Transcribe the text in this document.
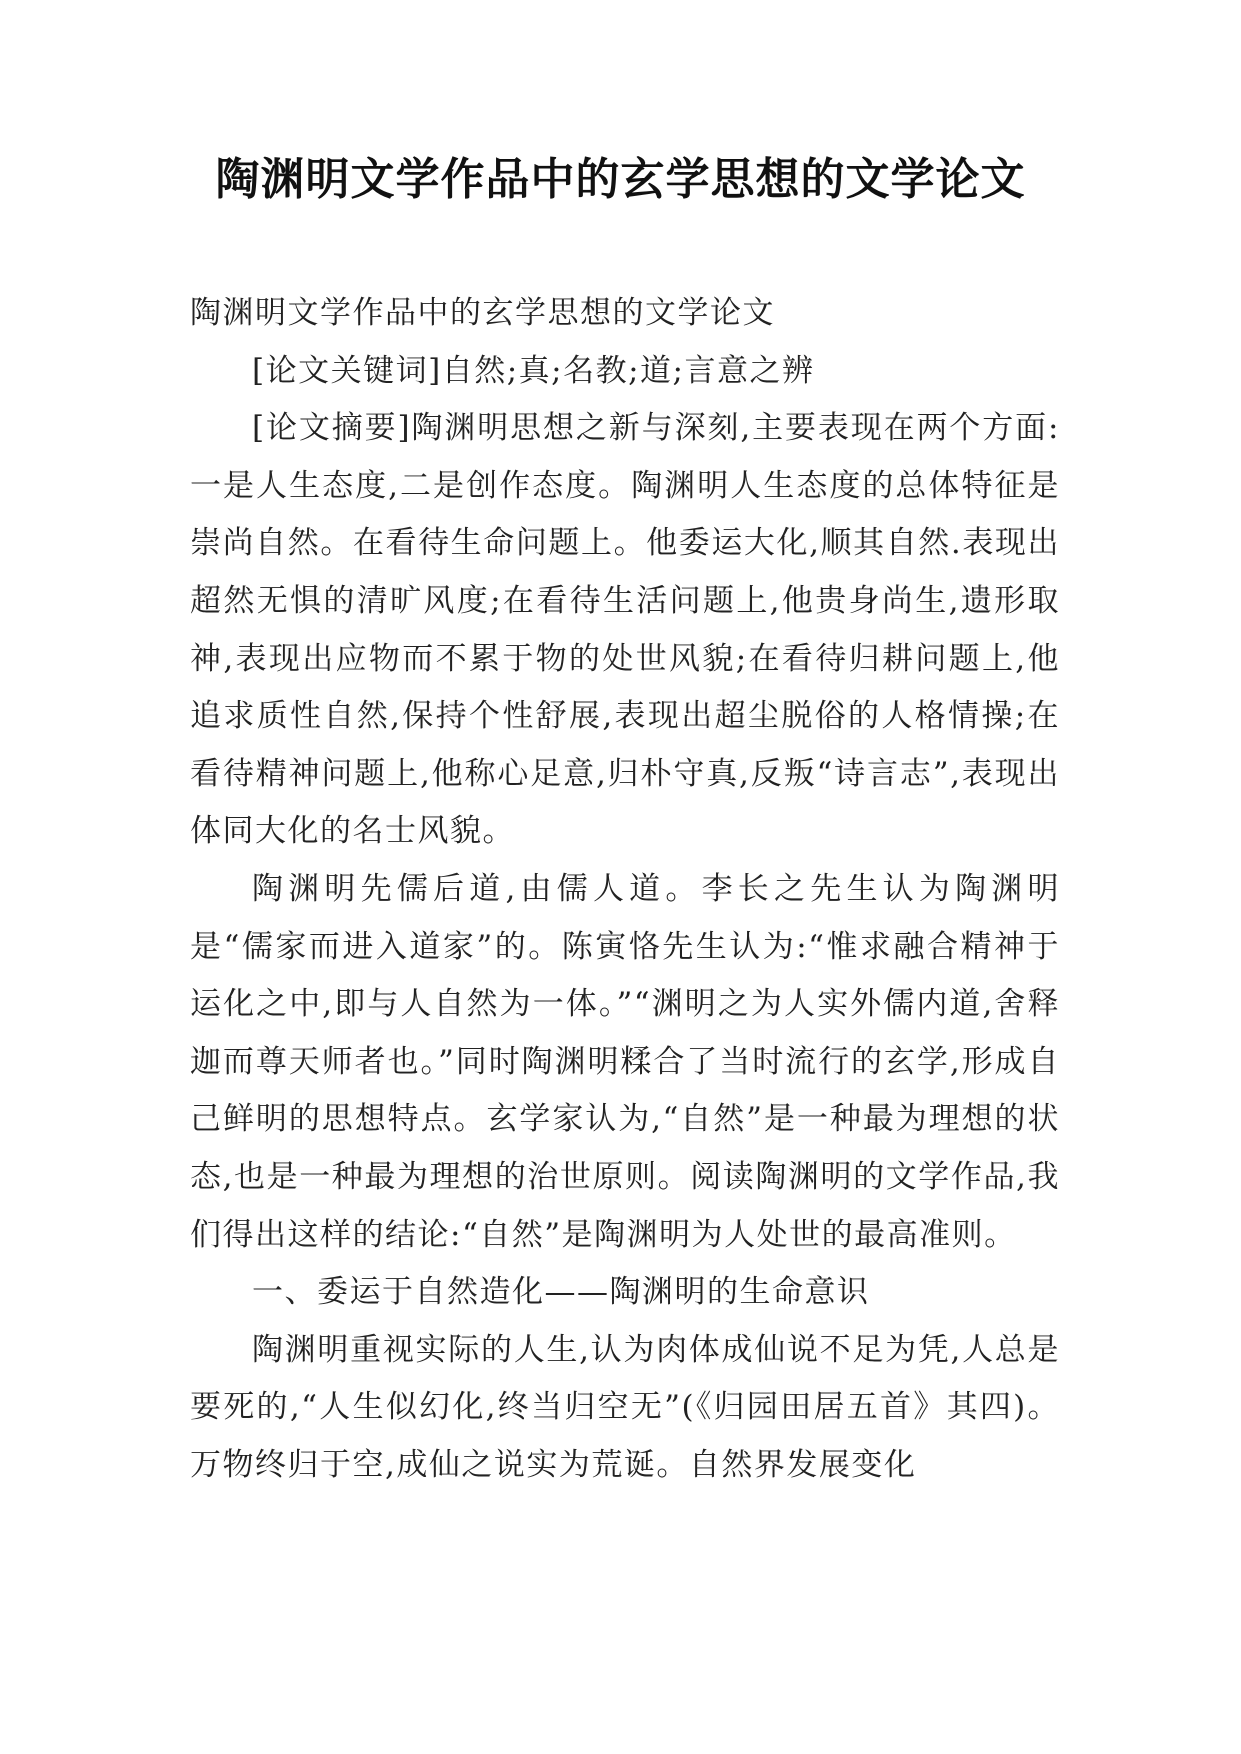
陶渊明文学作品中的玄学思想的文学论文

陶渊明文学作品中的玄学思想的文学论文

[论文关键词]自然;真;名教;道;言意之辨

[论文摘要]陶渊明思想之新与深刻,主要表现在两个方面:一是人生态度,二是创作态度。陶渊明人生态度的总体特征是崇尚自然。在看待生命问题上。他委运大化,顺其自然.表现出超然无惧的清旷风度;在看待生活问题上,他贵身尚生,遗形取神,表现出应物而不累于物的处世风貌;在看待归耕问题上,他追求质性自然,保持个性舒展,表现出超尘脱俗的人格情操;在看待精神问题上,他称心足意,归朴守真,反叛“诗言志”,表现出体同大化的名士风貌。

陶渊明先儒后道,由儒人道。李长之先生认为陶渊明是“儒家而进入道家”的。陈寅恪先生认为:“惟求融合精神于运化之中,即与人自然为一体。”“渊明之为人实外儒内道,舍释迦而尊天师者也。”同时陶渊明糅合了当时流行的玄学,形成自己鲜明的思想特点。玄学家认为,“自然”是一种最为理想的状态,也是一种最为理想的治世原则。阅读陶渊明的文学作品,我们得出这样的结论:“自然”是陶渊明为人处世的最高准则。

一、委运于自然造化——陶渊明的生命意识

陶渊明重视实际的人生,认为肉体成仙说不足为凭,人总是要死的,“人生似幻化,终当归空无”(《归园田居五首》其四)。万物终归于空,成仙之说实为荒诞。自然界发展变化
